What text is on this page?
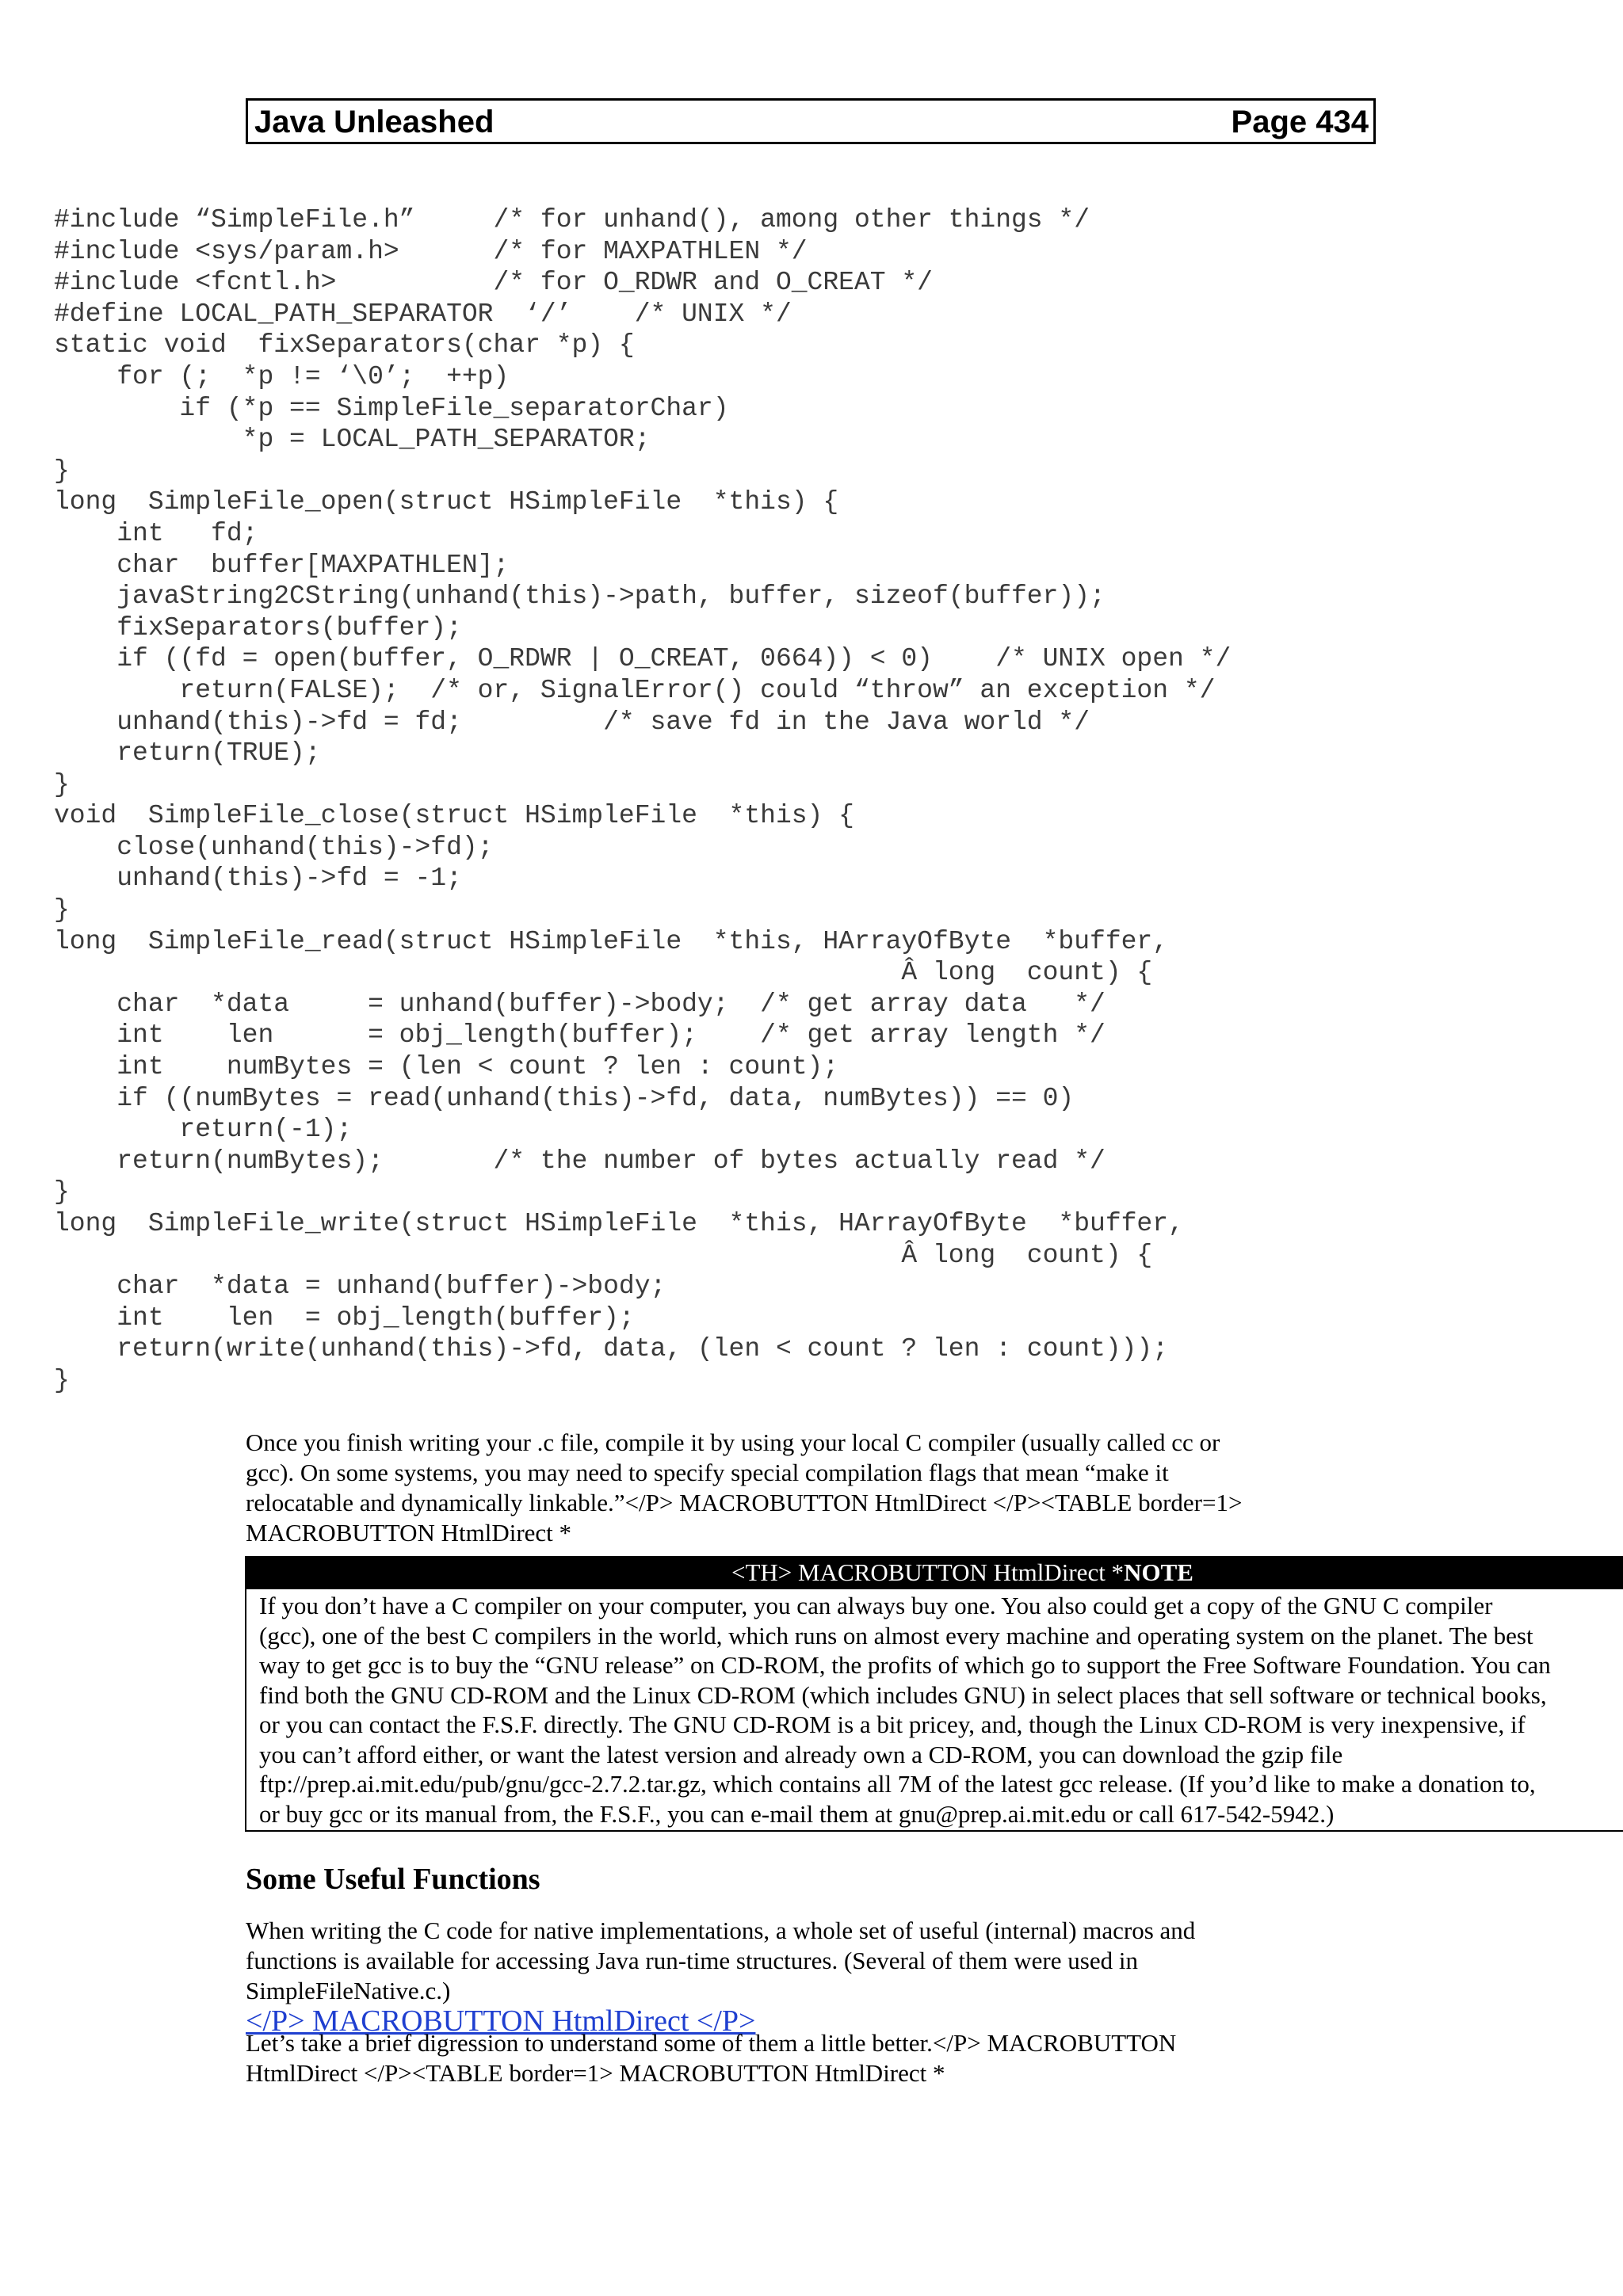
Java Unleashed	Page 434
#include “SimpleFile.h”     /* for unhand(), among other things */
#include <sys/param.h>      /* for MAXPATHLEN */
#include <fcntl.h>          /* for O_RDWR and O_CREAT */
#define LOCAL_PATH_SEPARATOR  ‘/’    /* UNIX */
static void  fixSeparators(char *p) {
for (;  *p != ‘\0’;  ++p)
if (*p == SimpleFile_separatorChar)
*p = LOCAL_PATH_SEPARATOR;
}
long  SimpleFile_open(struct HSimpleFile  *this) {
int   fd;
char  buffer[MAXPATHLEN];
javaString2CString(unhand(this)->path, buffer, sizeof(buffer));
fixSeparators(buffer);
if ((fd = open(buffer, O_RDWR | O_CREAT, 0664)) < 0)    /* UNIX open */
return(FALSE);  /* or, SignalError() could “throw” an exception */
unhand(this)->fd = fd;         /* save fd in the Java world */
return(TRUE);
}
void  SimpleFile_close(struct HSimpleFile  *this) {
close(unhand(this)->fd);
unhand(this)->fd = -1;
}
long  SimpleFile_read(struct HSimpleFile  *this, HArrayOfByte  *buffer,
Â long  count) {
char  *data     = unhand(buffer)->body;  /* get array data   */
int    len      = obj_length(buffer);    /* get array length */
int    numBytes = (len < count ? len : count);
if ((numBytes = read(unhand(this)->fd, data, numBytes)) == 0)
return(-1);
return(numBytes);       /* the number of bytes actually read */
}
long  SimpleFile_write(struct HSimpleFile  *this, HArrayOfByte  *buffer,
Â long  count) {
char  *data = unhand(buffer)->body;
int    len  = obj_length(buffer);
return(write(unhand(this)->fd, data, (len < count ? len : count)));
}
Once you finish writing your .c file, compile it by using your local C compiler (usually called cc or
gcc). On some systems, you may need to specify special compilation flags that mean “make it
relocatable and dynamically linkable.”</P> MACROBUTTON HtmlDirect </P><TABLE border=1>
MACROBUTTON HtmlDirect *
<TH> MACROBUTTON HtmlDirect *NOTE
If you don’t have a C compiler on your computer, you can always buy one. You also could get a copy of the GNU C compiler
(gcc), one of the best C compilers in the world, which runs on almost every machine and operating system on the planet. The best
way to get gcc is to buy the “GNU release” on CD-ROM, the profits of which go to support the Free Software Foundation. You can
find both the GNU CD-ROM and the Linux CD-ROM (which includes GNU) in select places that sell software or technical books,
or you can contact the F.S.F. directly. The GNU CD-ROM is a bit pricey, and, though the Linux CD-ROM is very inexpensive, if
you can’t afford either, or want the latest version and already own a CD-ROM, you can download the gzip file
ftp://prep.ai.mit.edu/pub/gnu/gcc-2.7.2.tar.gz, which contains all 7M of the latest gcc release. (If you’d like to make a donation to,
or buy gcc or its manual from, the F.S.F., you can e-mail them at gnu@prep.ai.mit.edu or call 617-542-5942.)
Some Useful Functions
When writing the C code for native implementations, a whole set of useful (internal) macros and
functions is available for accessing Java run-time structures. (Several of them were used in
SimpleFileNative.c.)
</P> MACROBUTTON HtmlDirect </P>
Let’s take a brief digression to understand some of them a little better.</P> MACROBUTTON
HtmlDirect </P><TABLE border=1> MACROBUTTON HtmlDirect *
